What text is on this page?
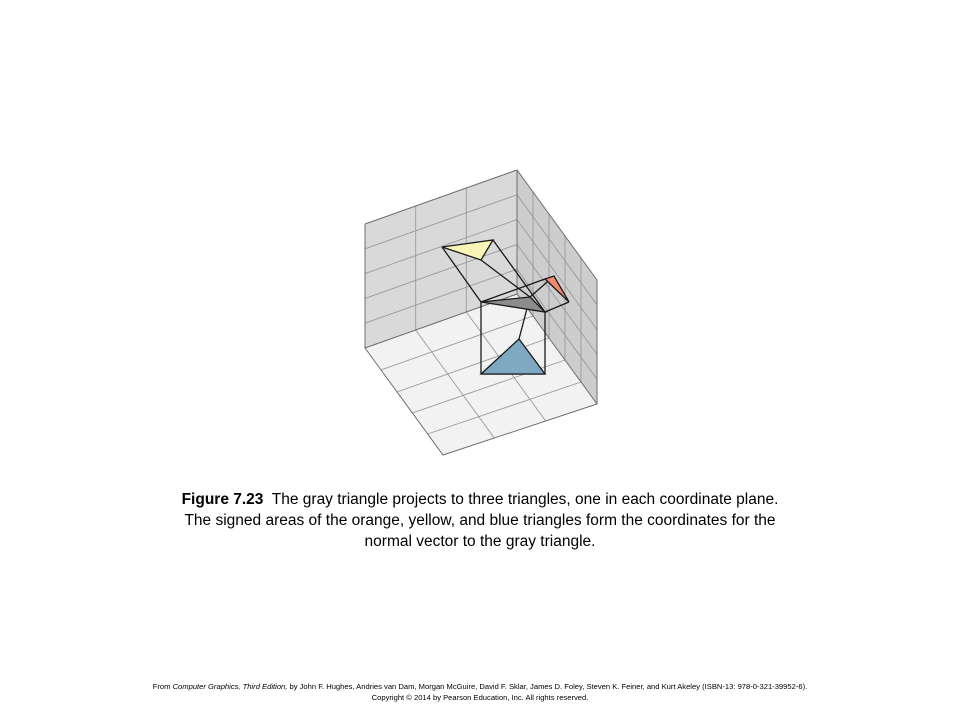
Figure 7.23 The gray triangle projects to three triangles, one in each coordinate plane. The signed areas of the orange, yellow, and blue triangles form the coordinates for the normal vector to the gray triangle.
From Computer Graphics, Third Edition, by John F. Hughes, Andries van Dam, Morgan McGuire, David F. Sklar, James D. Foley, Steven K. Feiner, and Kurt Akeley (ISBN-13: 978-0-321-39952-6).
Copyright © 2014 by Pearson Education, Inc. All rights reserved.
